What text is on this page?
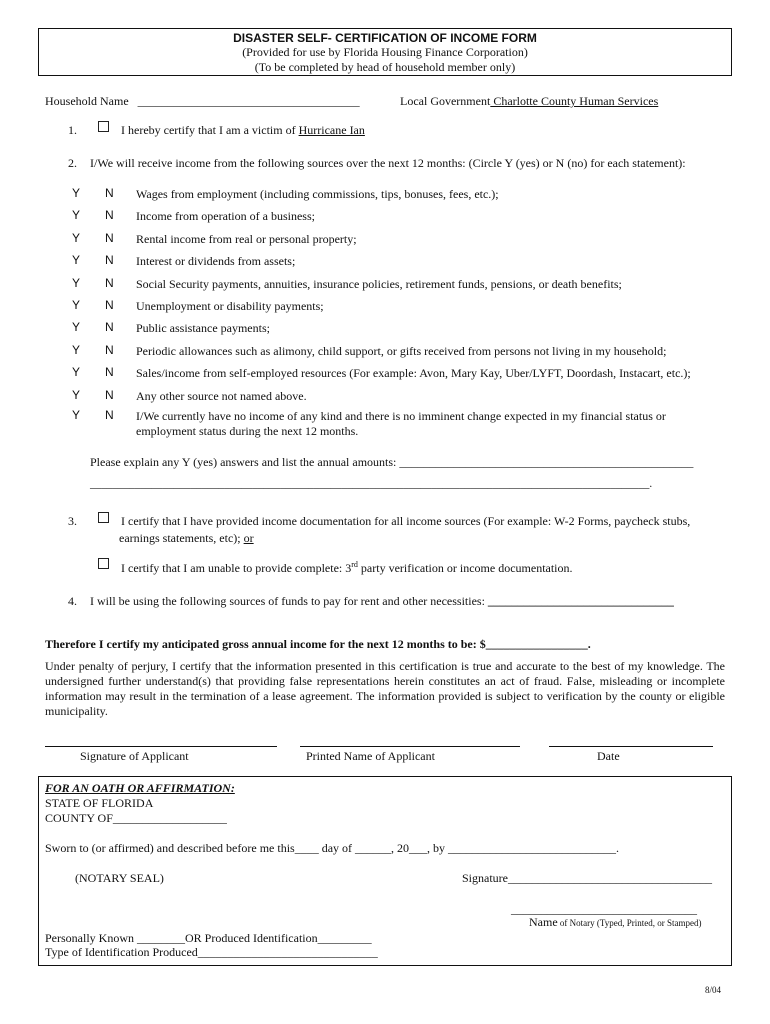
DISASTER SELF- CERTIFICATION OF INCOME FORM
(Provided for use by Florida Housing Finance Corporation)
(To be completed by head of household member only)
Household Name _____________________________________	Local Government Charlotte County Human Services
1.	I hereby certify that I am a victim of Hurricane Ian
2. I/We will receive income from the following sources over the next 12 months: (Circle Y (yes) or N (no) for each statement):
Y N Wages from employment (including commissions, tips, bonuses, fees, etc.);
Y N Income from operation of a business;
Y N Rental income from real or personal property;
Y N Interest or dividends from assets;
Y N Social Security payments, annuities, insurance policies, retirement funds, pensions, or death benefits;
Y N Unemployment or disability payments;
Y N Public assistance payments;
Y N Periodic allowances such as alimony, child support, or gifts received from persons not living in my household;
Y N Sales/income from self-employed resources (For example: Avon, Mary Kay, Uber/LYFT, Doordash, Instacart, etc.);
Y N Any other source not named above.
Y N I/We currently have no income of any kind and there is no imminent change expected in my financial status or
employment status during the next 12 months.
Please explain any Y (yes) answers and list the annual amounts: _________________________________________________
____________________________________________________________________________________________________.
3.	I certify that I have provided income documentation for all income sources (For example: W-2 Forms, paycheck stubs,
earnings statements, etc); or
I certify that I am unable to provide complete: 3rd party verification or income documentation.
4. I will be using the following sources of funds to pay for rent and other necessities: _______________________________
Therefore I certify my anticipated gross annual income for the next 12 months to be: $_________________.
Under penalty of perjury, I certify that the information presented in this certification is true and accurate to the best of my knowledge. The undersigned further understand(s) that providing false representations herein constitutes an act of fraud. False, misleading or incomplete information may result in the termination of a lease agreement. The information provided is subject to verification by the county or eligible municipality.
Signature of Applicant	Printed Name of Applicant	Date
FOR AN OATH OR AFFIRMATION:
STATE OF FLORIDA
COUNTY OF___________________
Sworn to (or affirmed) and described before me this____ day of ______, 20___, by ____________________________.
(NOTARY SEAL)	Signature__________________________________
_______________________________
Name of Notary (Typed, Printed, or Stamped)
Personally Known ________OR Produced Identification_________
Type of Identification Produced______________________________
8/04
